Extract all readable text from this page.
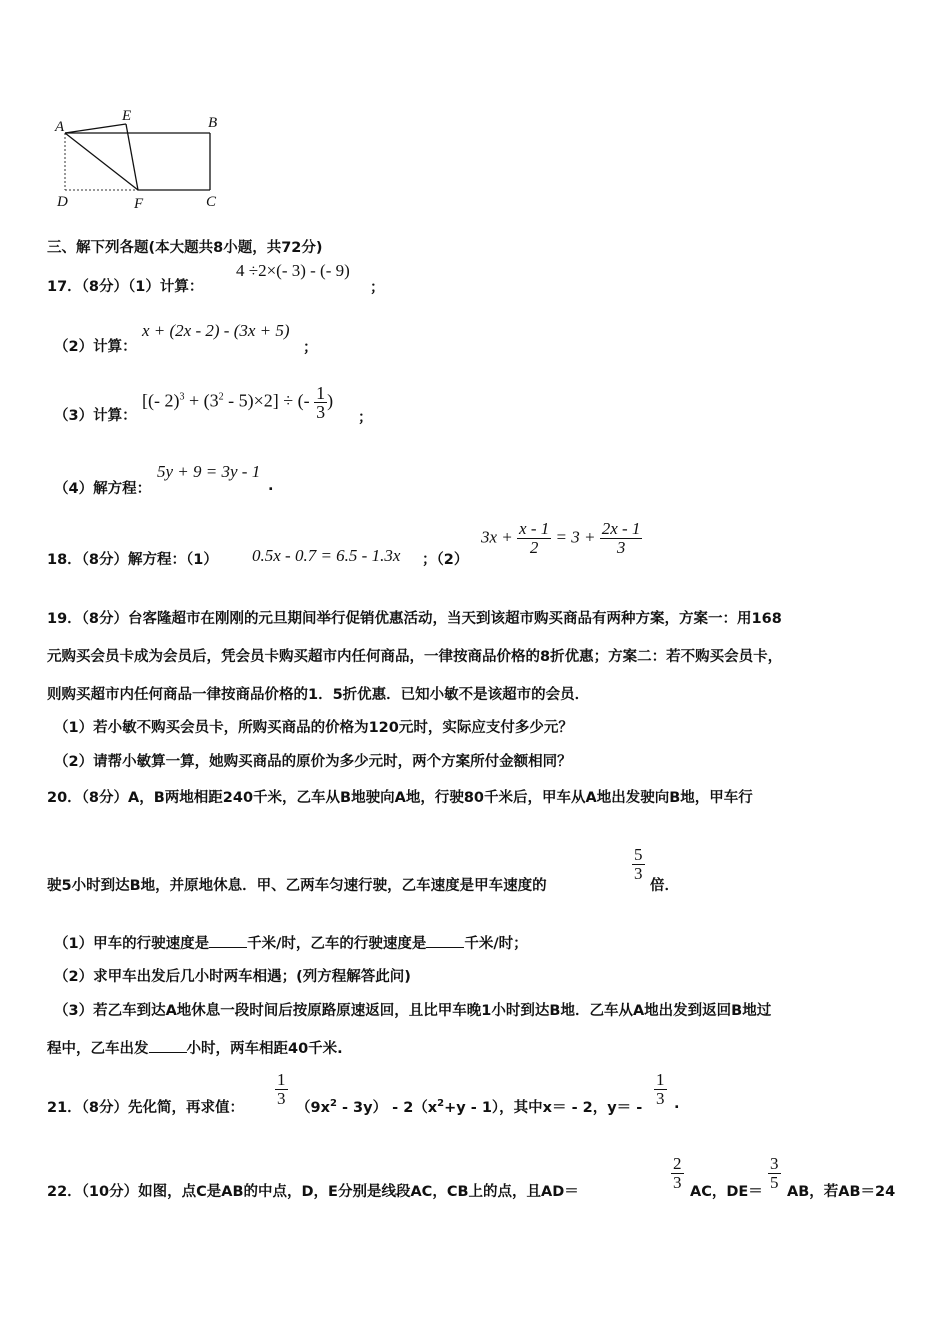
A
E	B
D	F	C
三、解下列各题(本大题共8小题，共72分)
17．（8分）（1）计算：
4 ÷2×(- 3) - (- 9)
；
（2）计算：
x + (2x - 2) - (3x + 5)
；
（3）计算：
[(- $2)^3 + (3^2 - 5)\times 2$] ÷ (- $\frac{1}{3}$ )
；
（4）解方程：
5y + 9 = 3y - 1
.
18．（8分）解方程：（1） 0.5x - 0.7 = 6.5 - 1.3x ；（2）
$3x + \frac{x - 1}{2} = 3 + \frac{2x - 1}{3}$
19．（8分）台客隆超市在刚刚的元旦期间举行促销优惠活动，当天到该超市购买商品有两种方案，方案一：用168
元购买会员卡成为会员后，凭会员卡购买超市内任何商品，一律按商品价格的8折优惠；方案二：若不购买会员卡，
则购买超市内任何商品一律按商品价格的1．5折优惠．已知小敏不是该超市的会员．
（1）若小敏不购买会员卡，所购买商品的价格为120元时，实际应支付多少元？
（2）请帮小敏算一算，她购买商品的原价为多少元时，两个方案所付金额相同？
20．（8分）A，B两地相距240千米，乙车从B地驶向A地，行驶80千米后，甲车从A地出发驶向B地，甲车行
驶5小时到达B地，并原地休息．甲、乙两车匀速行驶，乙车速度是甲车速度的
$\frac{5}{3}$
倍．
（1）甲车的行驶速度是	千米/时，乙车的行驶速度是	千米/时；
（2）求甲车出发后几小时两车相遇；(列方程解答此问)
（3）若乙车到达A地休息一段时间后按原路原速返回，且比甲车晚1小时到达B地．乙车从A地出发到返回B地过
程中，乙车出发	小时，两车相距40千米.
21．（8分）先化简，再求值： $\frac{1}{3} (9x^2 - 3y) - 2(x^2+y - 1)$，其中x＝ - 2，$y= - \frac{1}{3}$ .
22．（10分）如图，点C是AB的中点，D，E分别是线段AC，CB上的点，且AD＝	$\frac{2}{3}$ AC，$DE= \frac{3}{5}$ AB，若AB＝24
